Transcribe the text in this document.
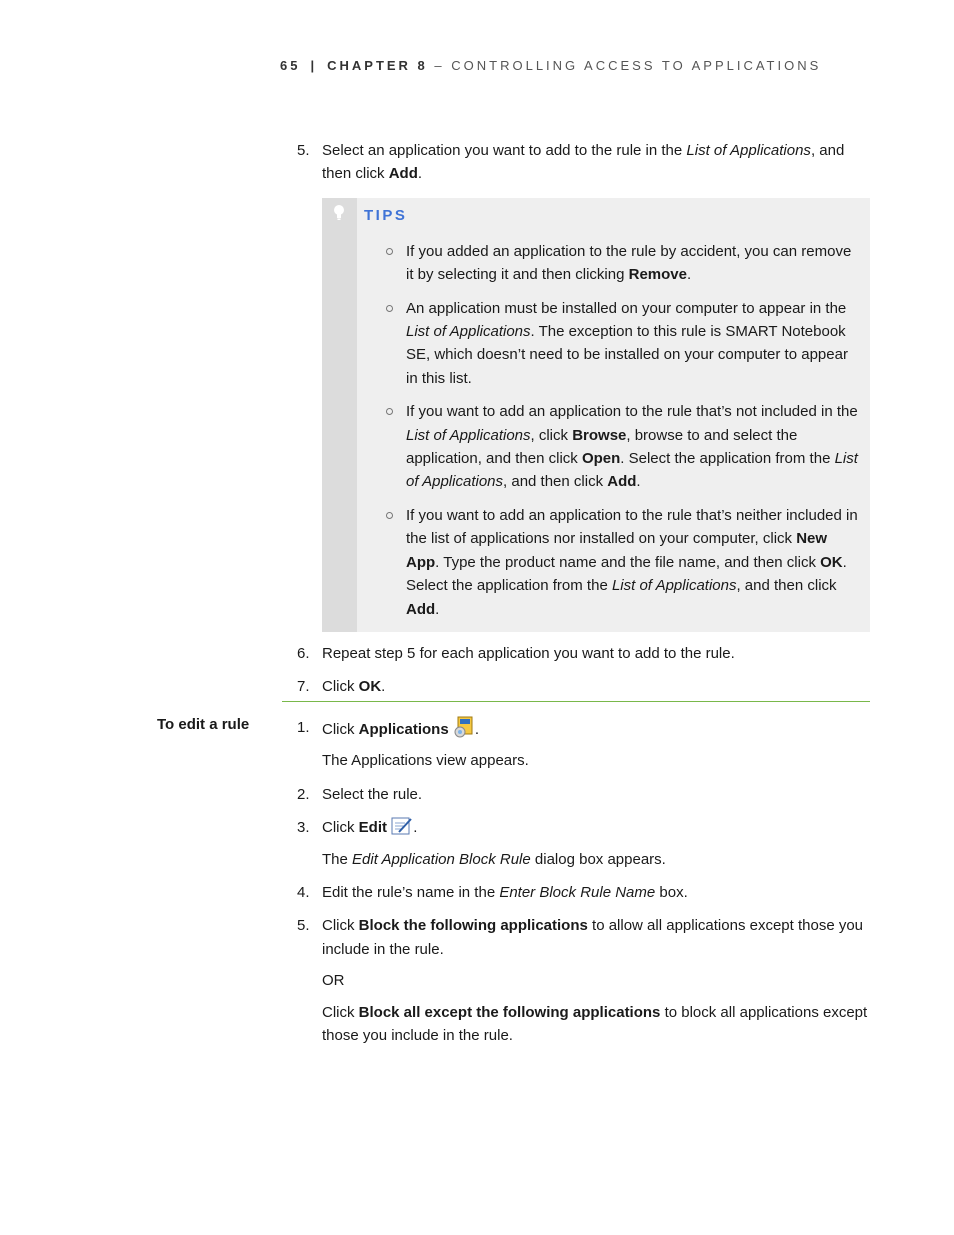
65 | CHAPTER 8 – CONTROLLING ACCESS TO APPLICATIONS
5. Select an application you want to add to the rule in the List of Applications, and then click Add.

TIPS
If you added an application to the rule by accident, you can remove it by selecting it and then clicking Remove.
An application must be installed on your computer to appear in the List of Applications. The exception to this rule is SMART Notebook SE, which doesn’t need to be installed on your computer to appear in this list.
If you want to add an application to the rule that’s not included in the List of Applications, click Browse, browse to and select the application, and then click Open. Select the application from the List of Applications, and then click Add.
If you want to add an application to the rule that’s neither included in the list of applications nor installed on your computer, click New App. Type the product name and the file name, and then click OK. Select the application from the List of Applications, and then click Add.
6. Repeat step 5 for each application you want to add to the rule.

7. Click OK.

To edit a rule	1. Click Applications .

The Applications view appears.

2. Select the rule.

3. Click Edit .

The Edit Application Block Rule dialog box appears.

4. Edit the rule’s name in the Enter Block Rule Name box.

5. Click Block the following applications to allow all applications except those you include in the rule.

OR

Click Block all except the following applications to block all applications except those you include in the rule.
